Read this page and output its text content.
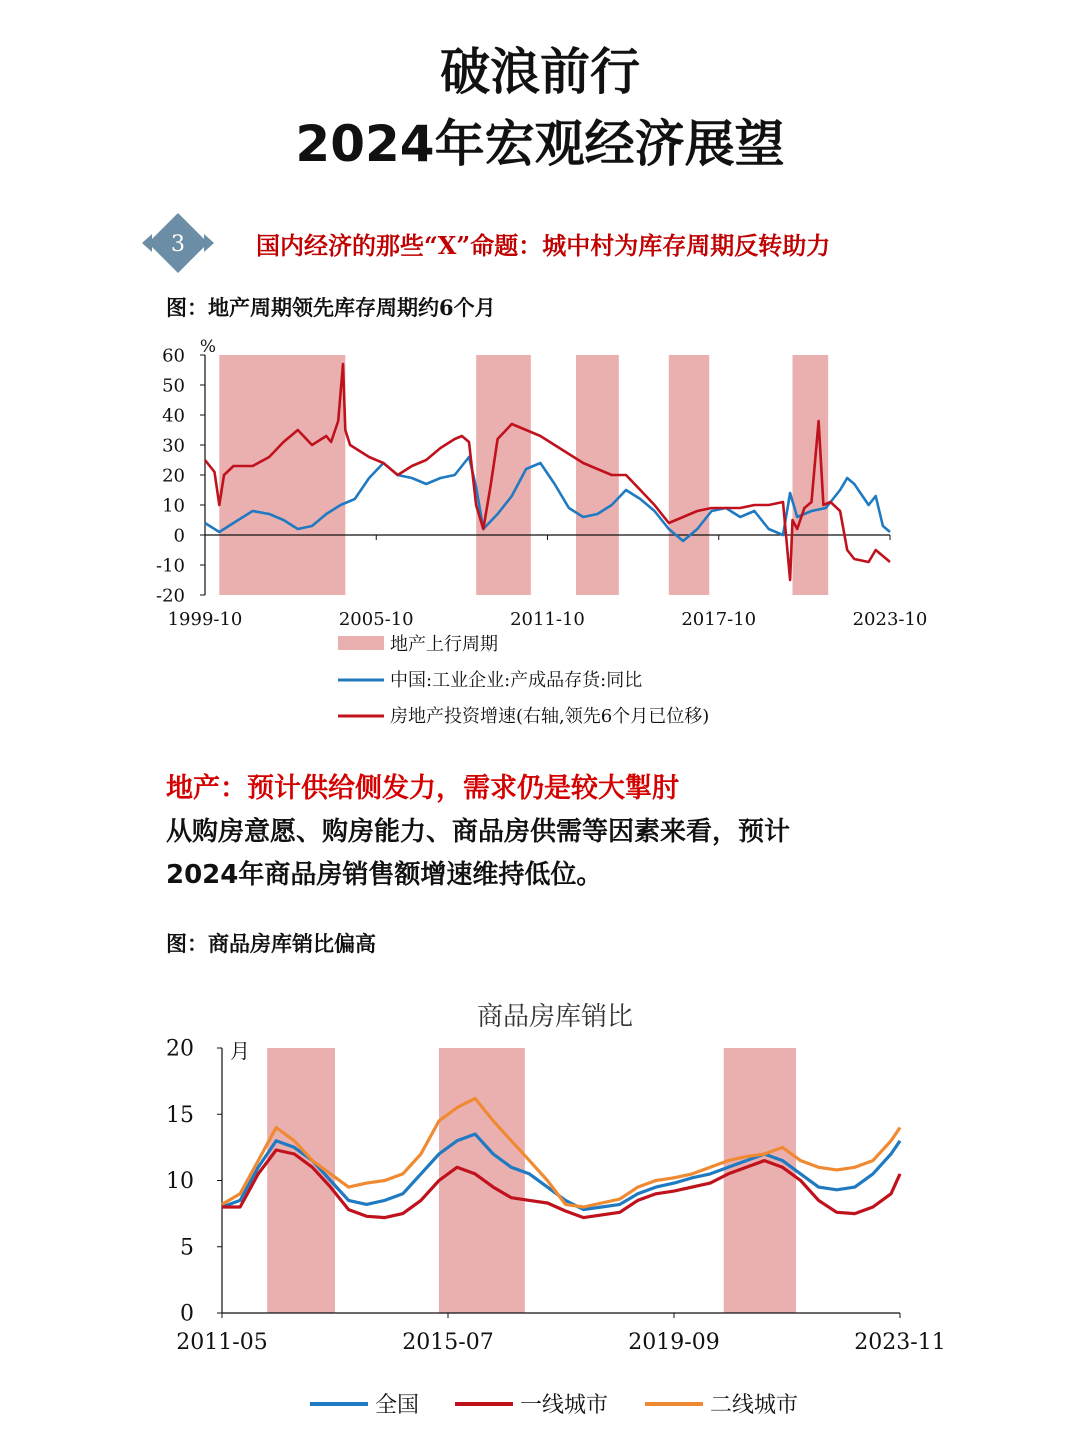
破浪前行
2024年宏观经济展望
3	国内经济的那些“X”命题：城中村为库存周期反转助力
图：地产周期领先库存周期约6个月
60
50
40
30
20
10
0
-10
-20
1999-10	2005-10	2011-10	2017-10	2023-10
%
地产上行周期
中国:工业企业:产成品存货:同比
房地产投资增速(右轴,领先6个月已位移)
地产：预计供给侧发力，需求仍是较大掣肘
从购房意愿、购房能力、商品房供需等因素来看，预计
2024年商品房销售额增速维持低位。
图：商品房库销比偏高
商品房库销比
20
15
10
5
0
2011-05	2015-07	2019-09	2023-11
月
全国	一线城市	二线城市
